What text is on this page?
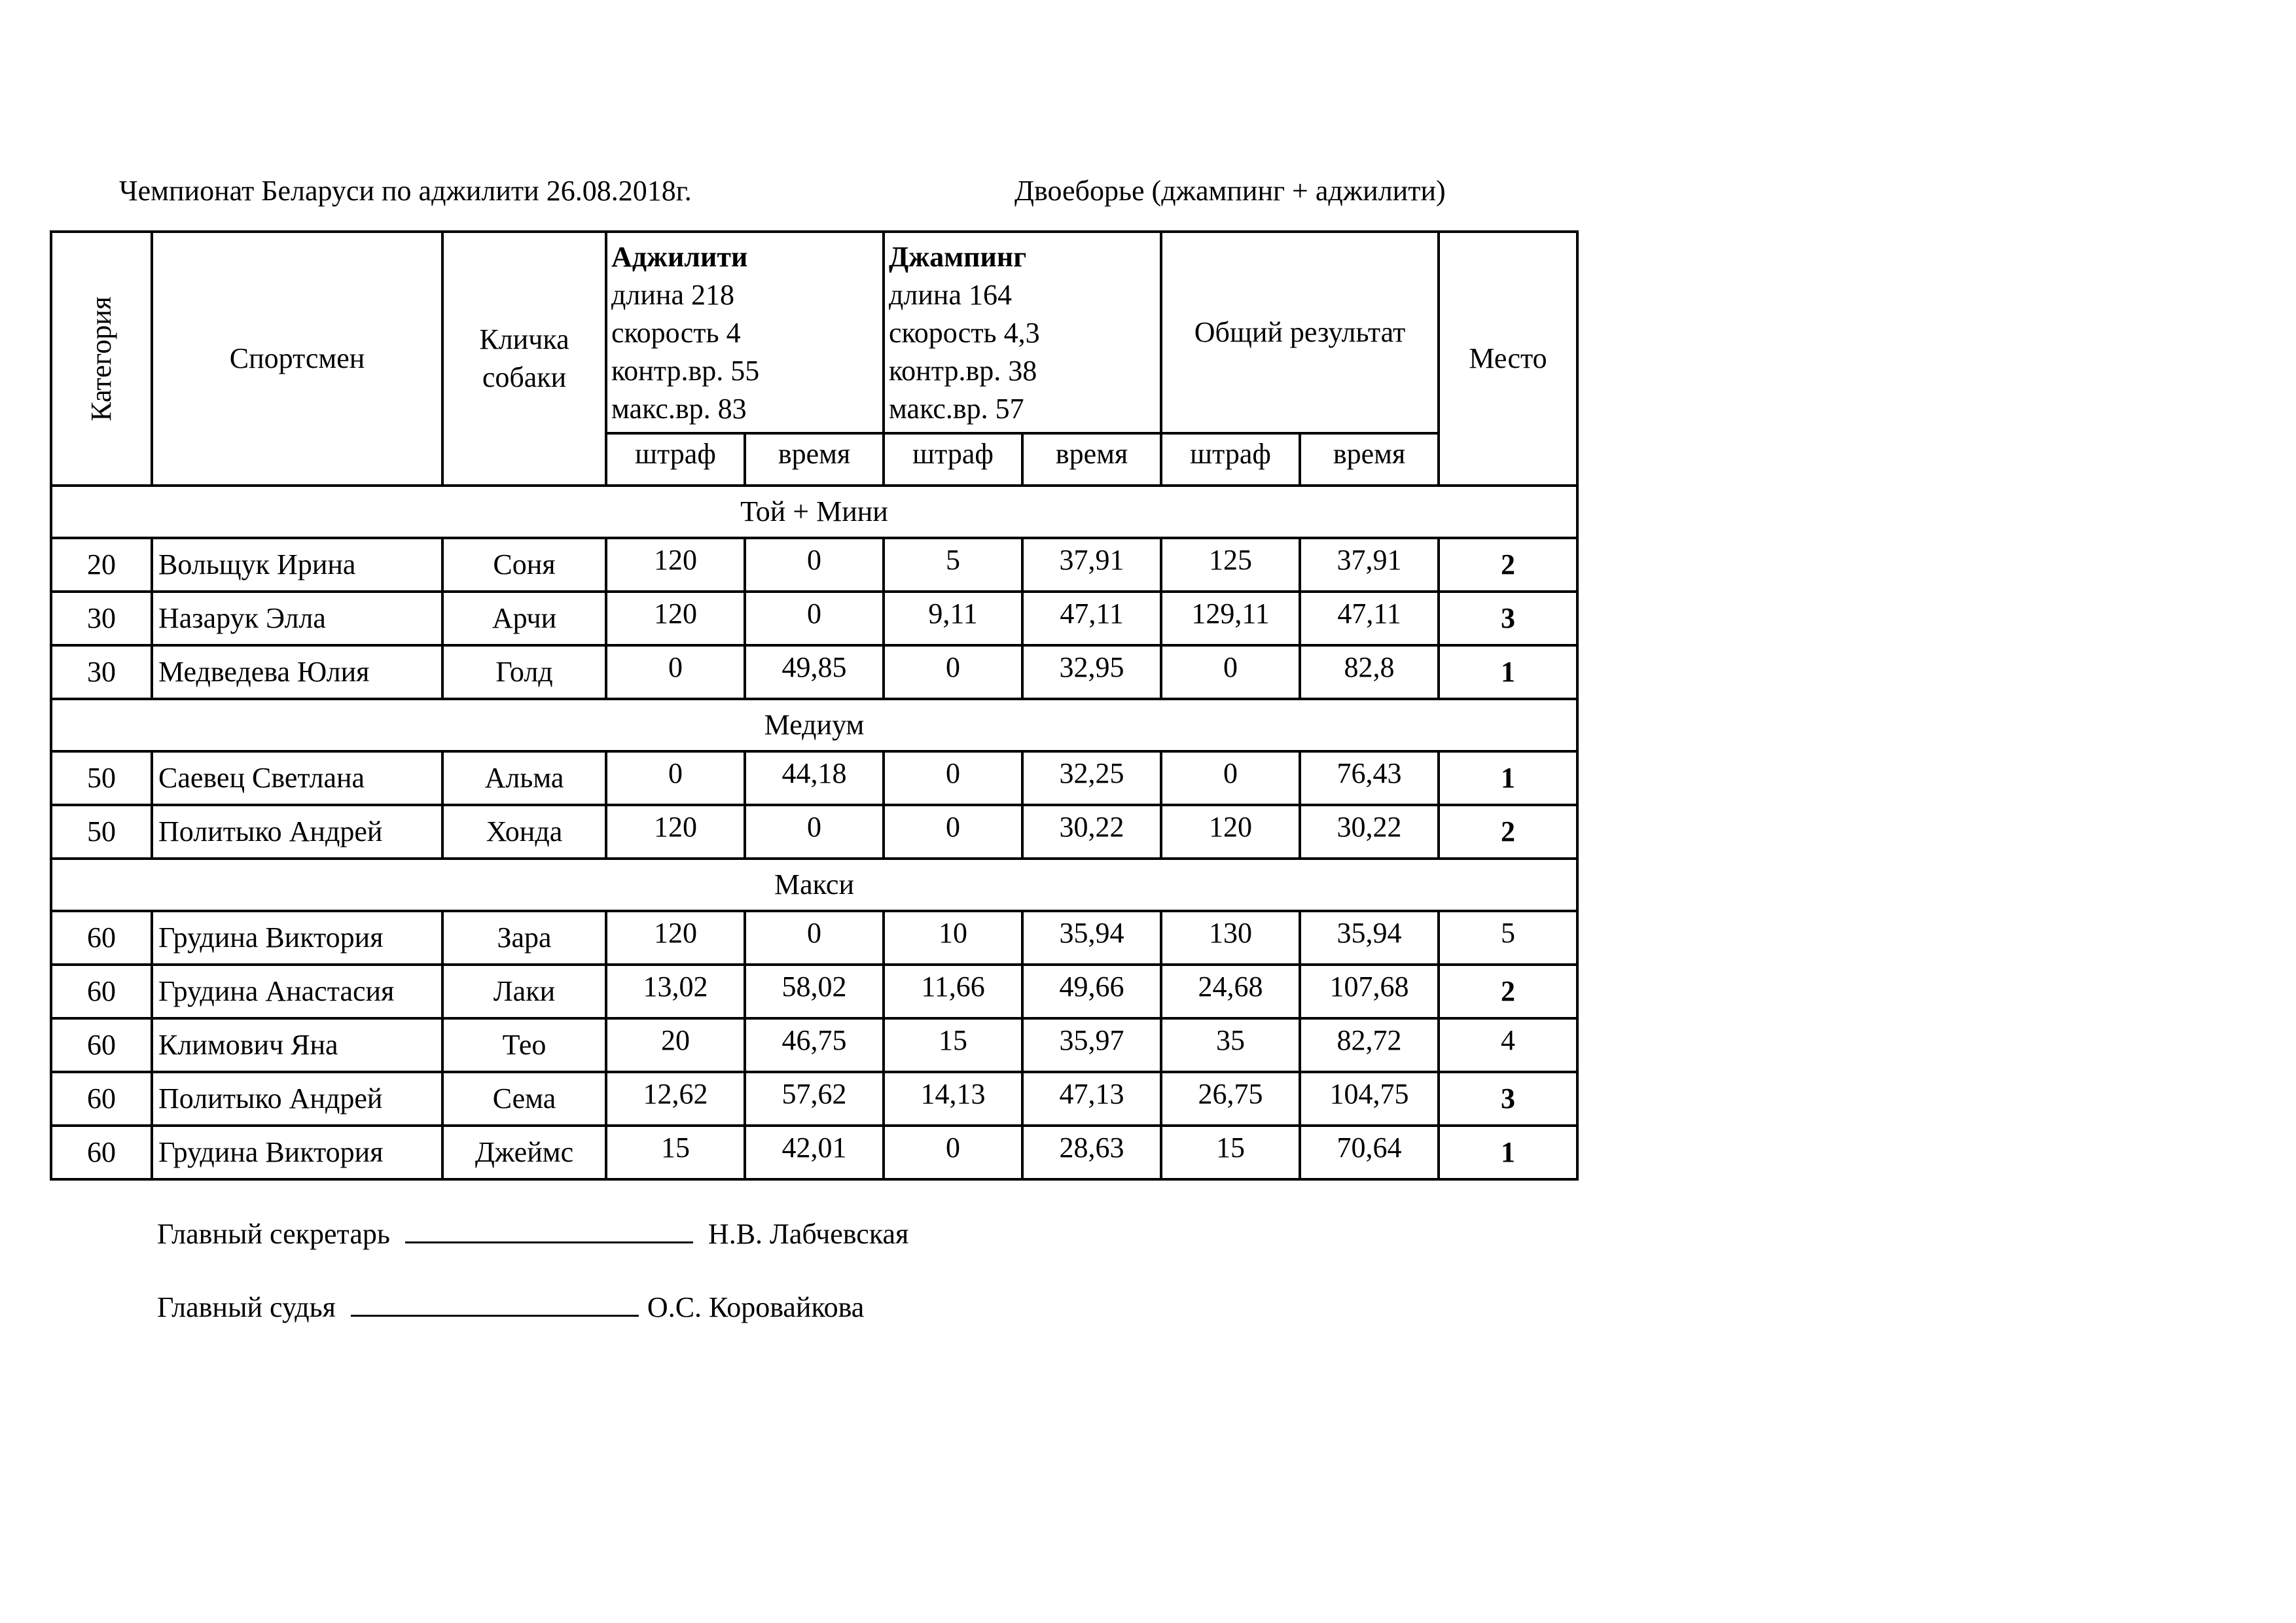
Чемпионат Беларуси по аджилити 26.08.2018г.	Двоеборье (джампинг + аджилити)
Категория	Спортсмен	Кличка собаки	Аджилити
длина 218
скорость 4
контр.вр. 55
макс.вр. 83		Джампинг
длина 164
скорость 4,3
контр.вр. 38
макс.вр. 57		Общий результат		Место
			штраф	время	штраф	время	штраф	время	
Той + Мини									
20	Вольщук Ирина	Соня	120	0	5	37,91	125	37,91	2
30	Назарук Элла	Арчи	120	0	9,11	47,11	129,11	47,11	3
30	Медведева Юлия	Голд	0	49,85	0	32,95	0	82,8	1
Медиум									
50	Саевец Светлана	Альма	0	44,18	0	32,25	0	76,43	1
50	Политыко Андрей	Хонда	120	0	0	30,22	120	30,22	2
Макси									
60	Грудина Виктория	Зара	120	0	10	35,94	130	35,94	5
60	Грудина Анастасия	Лаки	13,02	58,02	11,66	49,66	24,68	107,68	2
60	Климович Яна	Тео	20	46,75	15	35,97	35	82,72	4
60	Политыко Андрей	Сема	12,62	57,62	14,13	47,13	26,75	104,75	3
60	Грудина Виктория	Джеймс	15	42,01	0	28,63	15	70,64	1
Главный секретарь	Н.В. Лабчевская
Главный судья	О.С. Коровайкова
